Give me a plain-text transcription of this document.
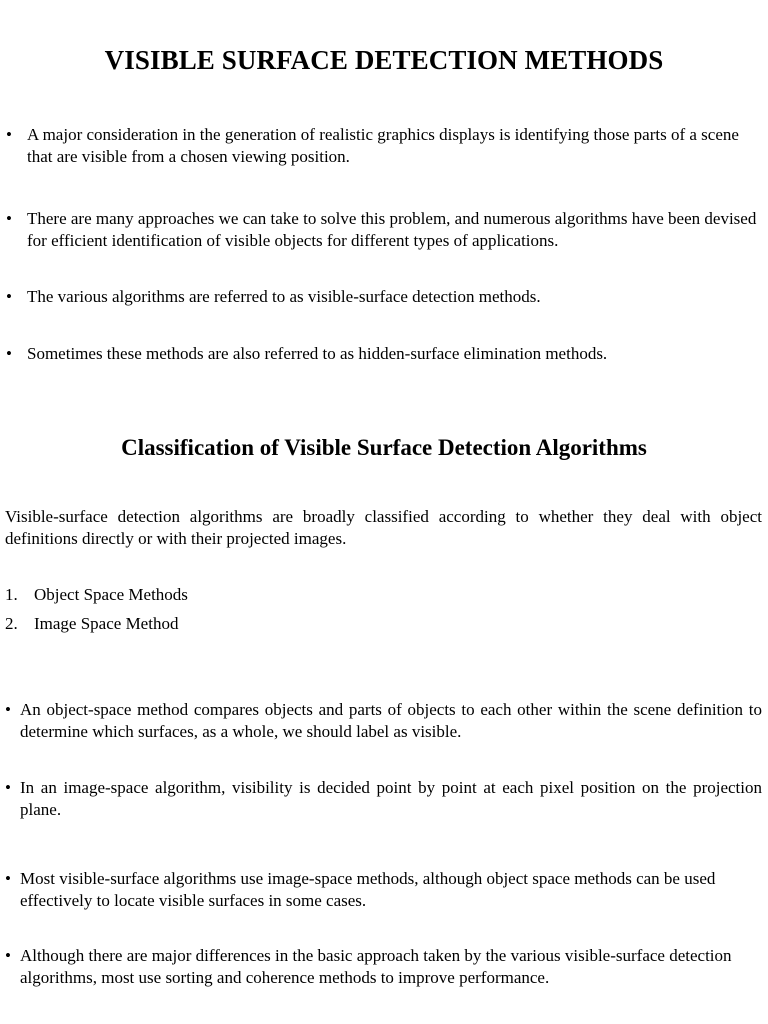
VISIBLE SURFACE DETECTION METHODS
• A major consideration in the generation of realistic graphics displays is identifying those parts of a scene that are visible from a chosen viewing position.
• There are many approaches we can take to solve this problem, and numerous algorithms have been devised for efficient identification of visible objects for different types of applications.
• The various algorithms are referred to as visible-surface detection methods.
• Sometimes these methods are also referred to as hidden-surface elimination methods.
Classification of Visible Surface Detection Algorithms
Visible-surface detection algorithms are broadly classified according to whether they deal with object definitions directly or with their projected images.
1. Object Space Methods
2. Image Space Method
• An object-space method compares objects and parts of objects to each other within the scene definition to determine which surfaces, as a whole, we should label as visible.
• In an image-space algorithm, visibility is decided point by point at each pixel position on the projection plane.
• Most visible-surface algorithms use image-space methods, although object space methods can be used effectively to locate visible surfaces in some cases.
• Although there are major differences in the basic approach taken by the various visible-surface detection algorithms, most use sorting and coherence methods to improve performance.
